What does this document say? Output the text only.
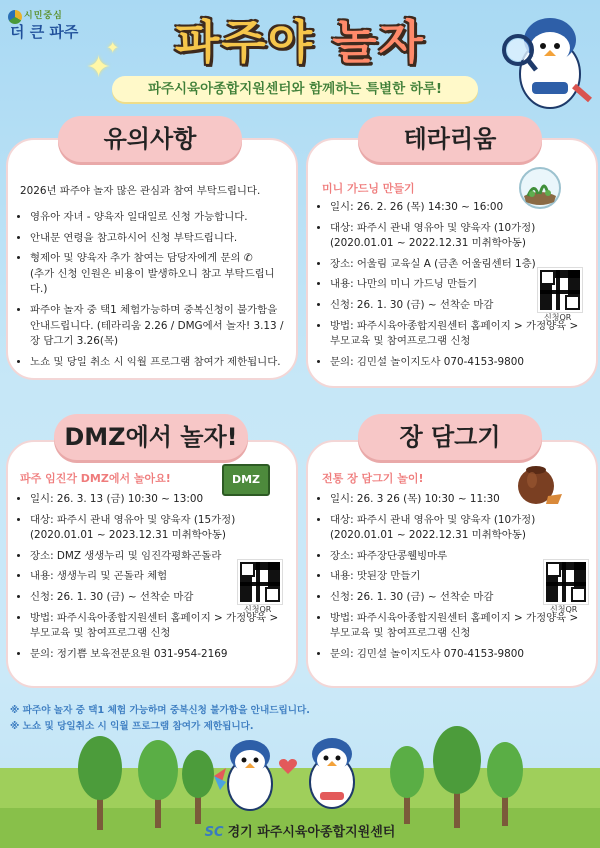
시민중심
더 큰 파주	파주야 놀자
✦
✦
파주시육아종합지원센터와 함께하는 특별한 하루!
유의사항
2026년 파주야 놀자 많은 관심과 참여 부탁드립니다.
• 영유아 자녀 - 양육자 일대일로 신청 가능합니다.
• 안내문 연령을 참고하시어 신청 부탁드립니다.
• 형제아 및 양육자 추가 참여는 담당자에게 문의 ✆
(추가 신청 인원은 비용이 발생하오니 참고 부탁드립니다.)
• 파주야 놀자 중 택1 체험가능하며 중복신청이 불가함을
안내드립니다. (테라리움 2.26 / DMG에서 놀자! 3.13 /
장 담그기 3.26(목)
• 노쇼 및 당일 취소 시 익월 프로그램 참여가 제한됩니다.
테라리움
미니 가드닝 만들기
• 일시: 26. 2. 26 (목) 14:30 ~ 16:00
• 대상: 파주시 관내 영유아 및 양육자 (10가정)
(2020.01.01 ~ 2022.12.31 미취학아동)
• 장소: 어울림 교육실 A (금촌 어울림센터 1층)
• 내용: 나만의 미니 가드닝 만들기
• 신청: 26. 1. 30 (금) ~ 선착순 마감
• 방법: 파주시육아종합지원센터 홈페이지 > 가정양육 >
부모교육 및 참여프로그램 신청
• 문의: 김민설 놀이지도사 070-4153-9800
신청QR
DMZ에서 놀자!
파주 임진각 DMZ에서 놀아요!	DMZ
• 일시: 26. 3. 13 (금) 10:30 ~ 13:00
• 대상: 파주시 관내 영유아 및 양육자 (15가정)
(2020.01.01 ~ 2023.12.31 미취학아동)
• 장소: DMZ 생생누리 및 임진각평화곤돌라
• 내용: 생생누리 및 곤돌라 체험
• 신청: 26. 1. 30 (금) ~ 선착순 마감
• 방법: 파주시육아종합지원센터 홈페이지 > 가정양육 >
부모교육 및 참여프로그램 신청
• 문의: 정기쁨 보육전문요원 031-954-2169
신청QR
장 담그기
전통 장 담그기 놀이!
• 일시: 26. 3 26 (목) 10:30 ~ 11:30
• 대상: 파주시 관내 영유아 및 양육자 (10가정)
(2020.01.01 ~ 2022.12.31 미취학아동)
• 장소: 파주장단콩웰빙마루
• 내용: 맛된장 만들기
• 신청: 26. 1. 30 (금) ~ 선착순 마감
• 방법: 파주시육아종합지원센터 홈페이지 > 가정양육 >
부모교육 및 참여프로그램 신청
• 문의: 김민설 놀이지도사 070-4153-9800
신청QR
※ 파주야 놀자 중 택1 체험 가능하며 중복신청 불가함을 안내드립니다.
※ 노쇼 및 당일취소 시 익월 프로그램 참여가 제한됩니다.
SC 경기 파주시육아종합지원센터
